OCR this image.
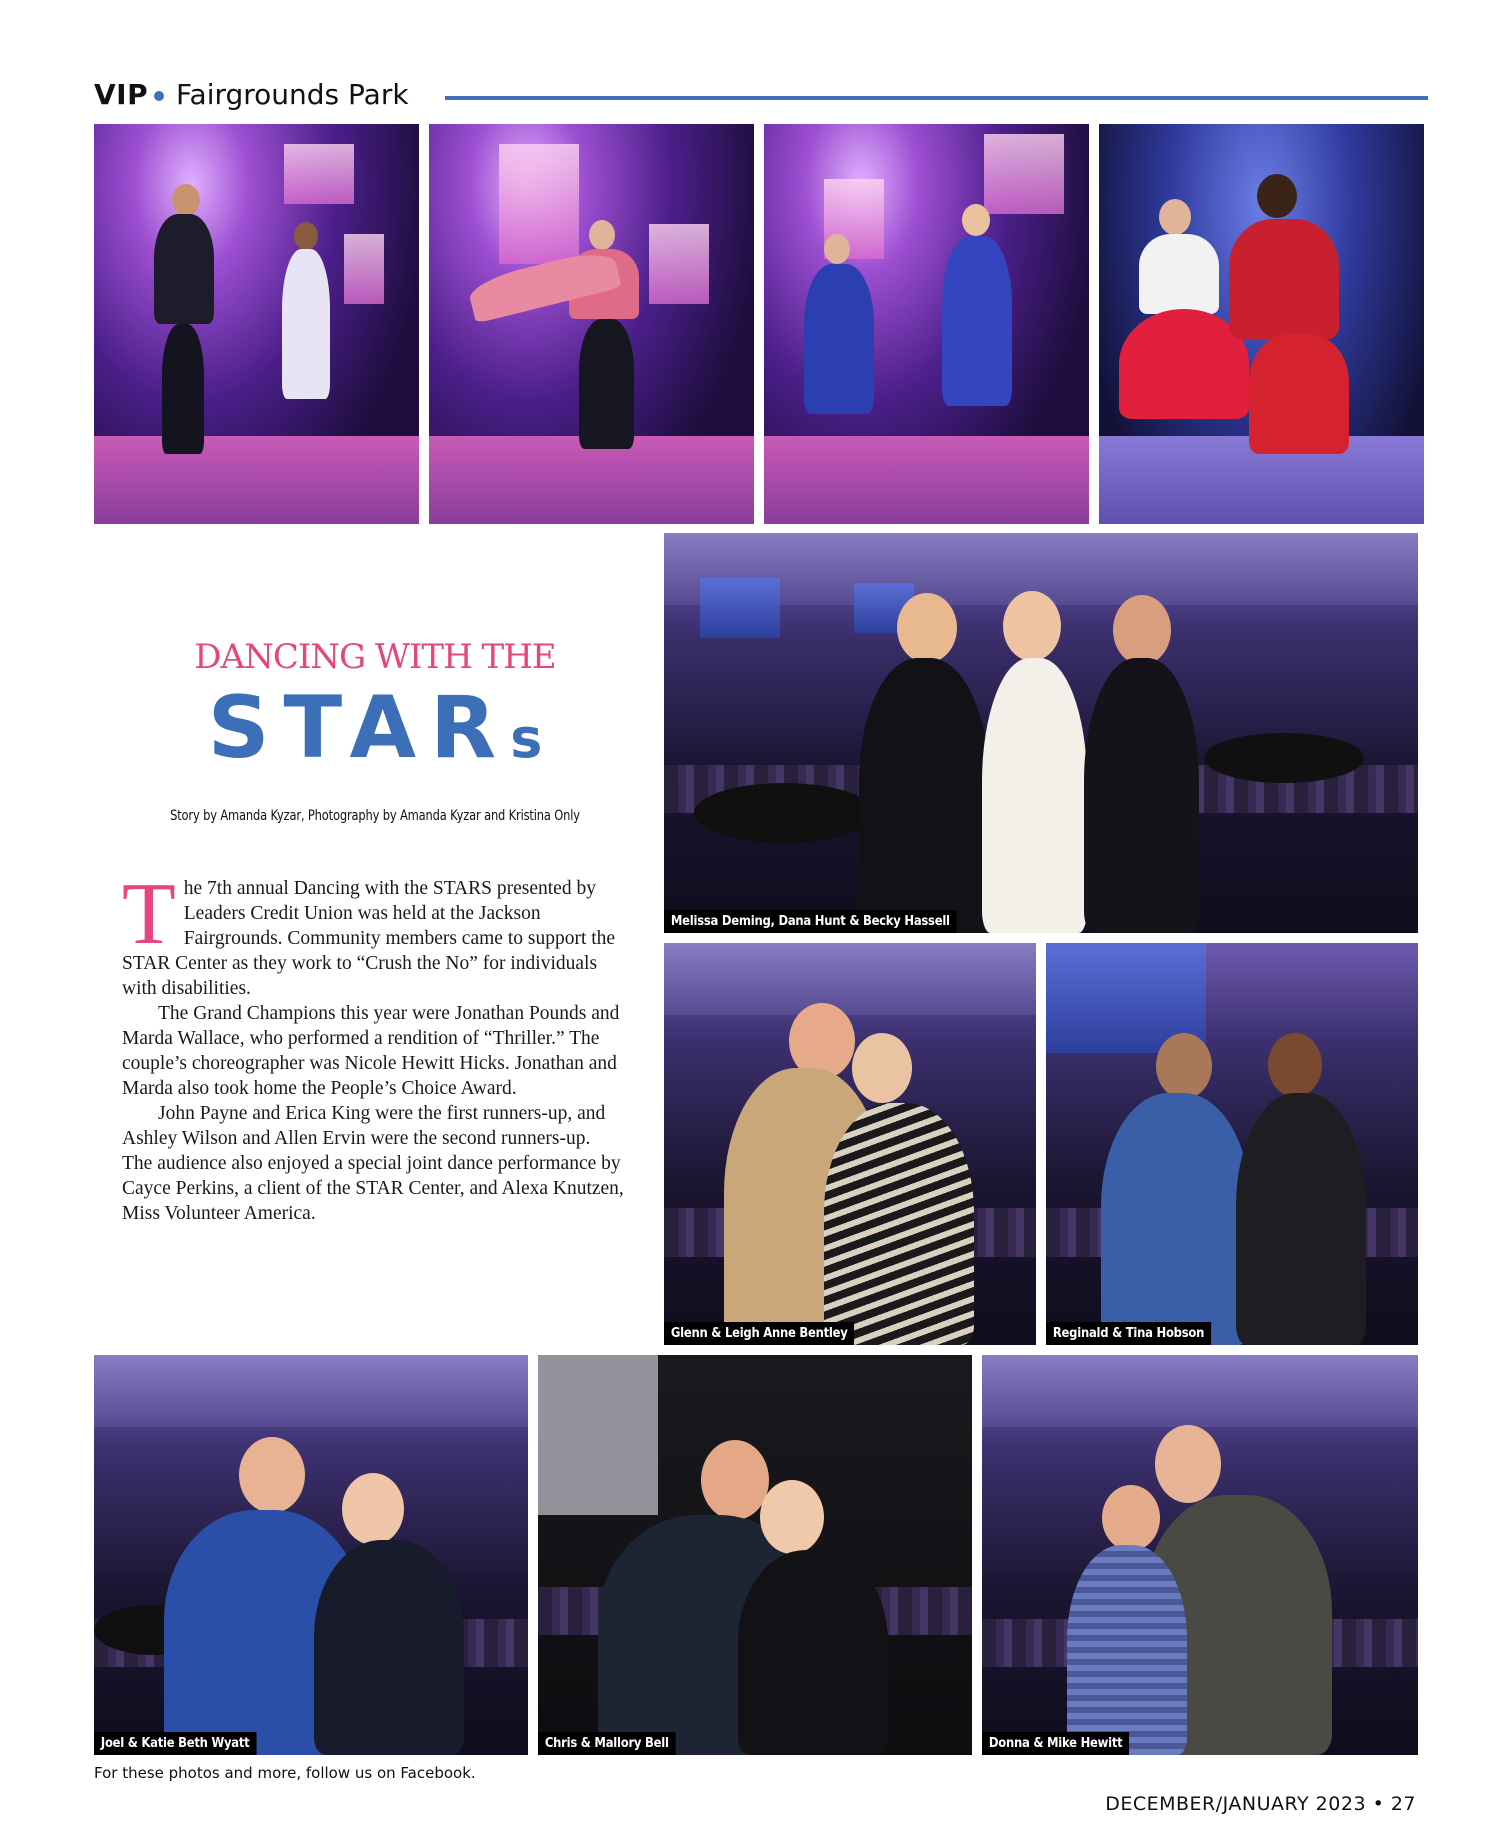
VIP Fairgrounds Park
DANCING WITH THE
STARs
Story by Amanda Kyzar, Photography by Amanda Kyzar and Kristina Only

The 7th annual Dancing with the STARS presented by Leaders Credit Union was held at the Jackson Fairgrounds. Community members came to support the STAR Center as they work to “Crush the No” for individuals with disabilities.

The Grand Champions this year were Jonathan Pounds and Marda Wallace, who performed a rendition of “Thriller.” The couple’s choreographer was Nicole Hewitt Hicks. Jonathan and Marda also took home the People’s Choice Award.

John Payne and Erica King were the first runners-up, and Ashley Wilson and Allen Ervin were the second runners-up. The audience also enjoyed a special joint dance performance by Cayce Perkins, a client of the STAR Center, and Alexa Knutzen, Miss Volunteer America.

Melissa Deming, Dana Hunt & Becky Hassell
Glenn & Leigh Anne Bentley	Reginald & Tina Hobson
Joel & Katie Beth Wyatt	Chris & Mallory Bell	Donna & Mike Hewitt
For these photos and more, follow us on Facebook.
DECEMBER/JANUARY 2023 • 27
